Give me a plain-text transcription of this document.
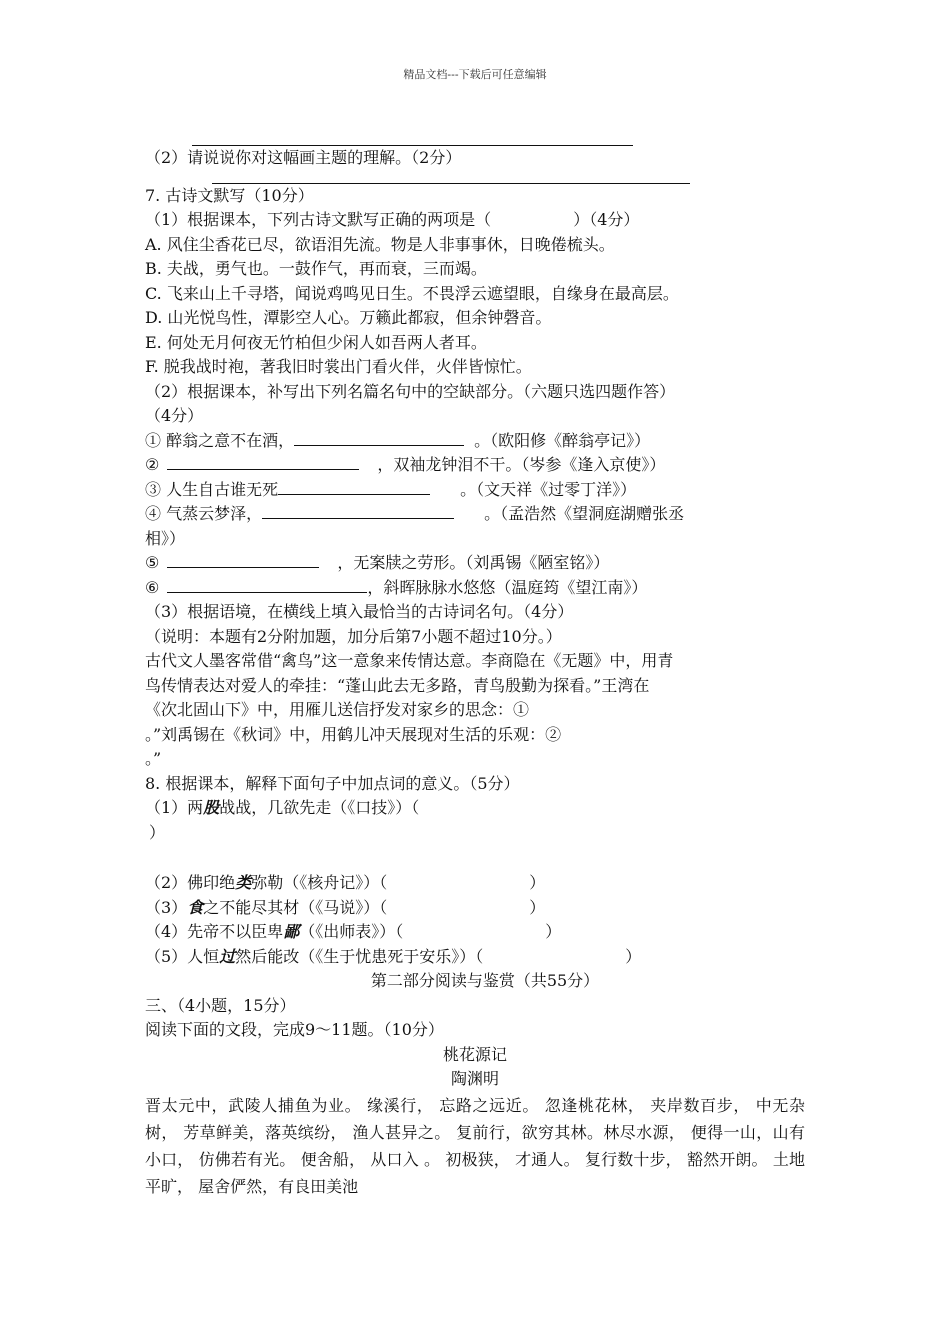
精品文档---下载后可任意编辑
（2）请说说你对这幅画主题的理解。（2分）
7. 古诗文默写（10分）
（1）根据课本，下列古诗文默写正确的两项是（	）（4分）
A. 风住尘香花已尽，欲语泪先流。物是人非事事休，日晚倦梳头。
B. 夫战，勇气也。一鼓作气，再而衰，三而竭。
C. 飞来山上千寻塔，闻说鸡鸣见日生。不畏浮云遮望眼，自缘身在最高层。
D. 山光悦鸟性，潭影空人心。万籁此都寂，但余钟磬音。
E. 何处无月何夜无竹柏但少闲人如吾两人者耳。
F. 脱我战时袍，著我旧时裳出门看火伴，火伴皆惊忙。
（2）根据课本，补写出下列名篇名句中的空缺部分。（六题只选四题作答）
（4分）
① 醉翁之意不在酒，	。（欧阳修《醉翁亭记》）
②	，双袖龙钟泪不干。（岑参《逢入京使》）
③ 人生自古谁无死	。（文天祥《过零丁洋》）
④ 气蒸云梦泽，	。（孟浩然《望洞庭湖赠张丞
相》）
⑤	，无案牍之劳形。（刘禹锡《陋室铭》）
⑥	，斜晖脉脉水悠悠（温庭筠《望江南》）
（3）根据语境，在横线上填入最恰当的古诗词名句。（4分）
（说明：本题有2分附加题，加分后第7小题不超过10分。）
古代文人墨客常借“禽鸟”这一意象来传情达意。李商隐在《无题》中，用青
鸟传情表达对爱人的牵挂：“蓬山此去无多路，青鸟殷勤为探看。”王湾在
《次北固山下》中，用雁儿送信抒发对家乡的思念：①
。”刘禹锡在《秋词》中，用鹤儿冲天展现对生活的乐观：②
。”
8. 根据课本，解释下面句子中加点词的意义。（5分）
（1）两股战战，几欲先走（《口技》）（
）
（2）佛印绝类弥勒（《核舟记》）（	）
（3）食之不能尽其材（《马说》）（	）
（4）先帝不以臣卑鄙（《出师表》）（	）
（5）人恒过然后能改（《生于忧患死于安乐》）（	）
第二部分阅读与鉴赏（共55分）
三、（4小题，15分）
阅读下面的文段，完成9～11题。（10分）
桃花源记
陶渊明
晋太元中，武陵人捕鱼为业。 缘溪行， 忘路之远近。 忽逢桃花林， 夹岸数百步， 中无杂树， 芳草鲜美，落英缤纷， 渔人甚异之。 复前行，欲穷其林。林尽水源， 便得一山，山有小口， 仿佛若有光。 便舍船， 从口入 。 初极狭， 才通人。 复行数十步， 豁然开朗。 土地平旷， 屋舍俨然，有良田美池
